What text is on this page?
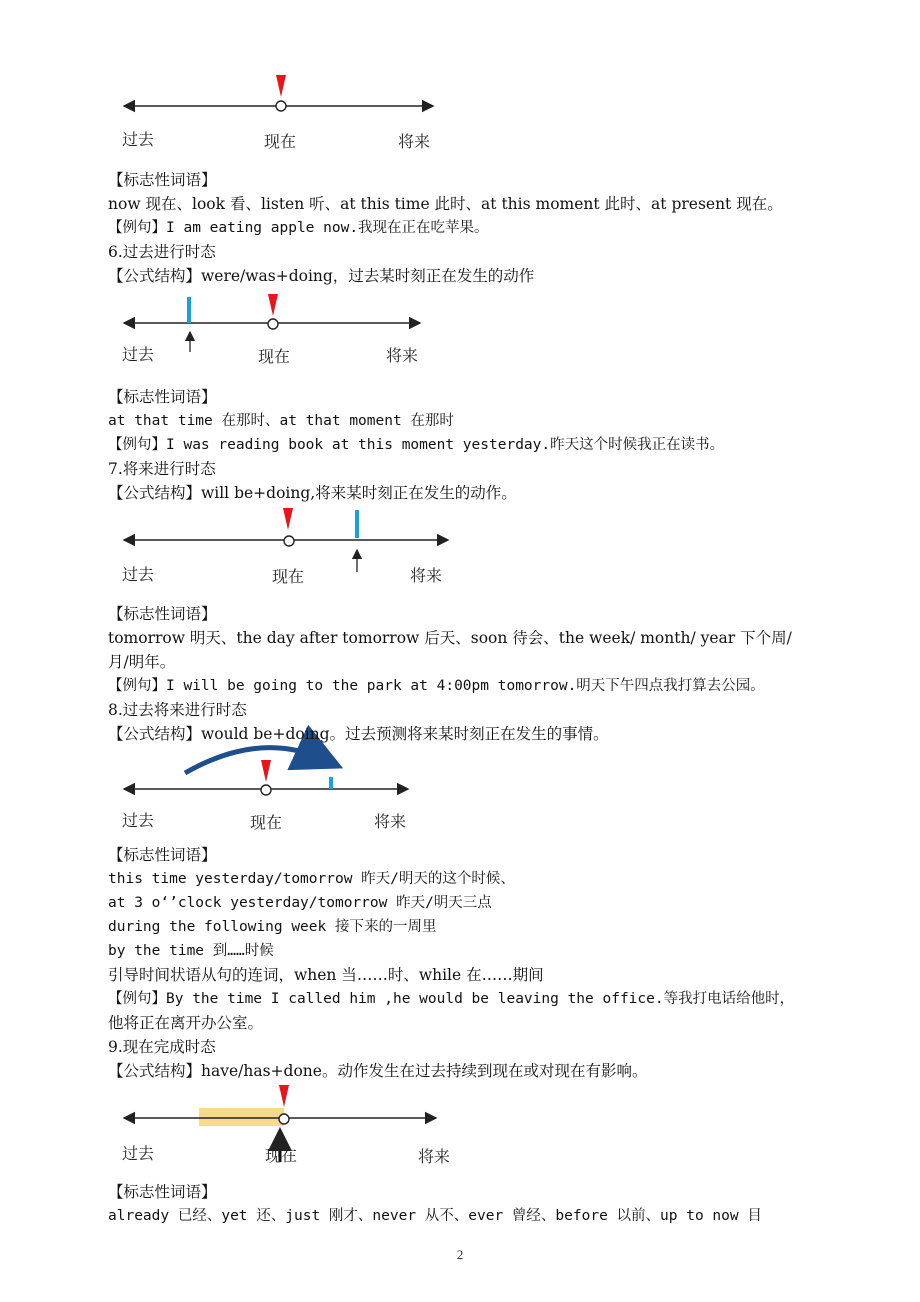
过去	现在	将来
过去	现在	将来
过去	现在	将来
过去	现在	将来
过去	现在	将来
【标志性词语】
now 现在、look 看、listen 听、at this time 此时、at this moment 此时、at present 现在。
【例句】I am eating apple now.我现在正在吃苹果。
6.过去进行时态
【公式结构】were/was+doing，过去某时刻正在发生的动作
【标志性词语】
at that time 在那时、at that moment 在那时
【例句】I was reading book at this moment yesterday.昨天这个时候我正在读书。
7.将来进行时态
【公式结构】will be+doing,将来某时刻正在发生的动作。
【标志性词语】
tomorrow 明天、the day after tomorrow 后天、soon 待会、the week/ month/ year 下个周/
月/明年。
【例句】I will be going to the park at 4:00pm tomorrow.明天下午四点我打算去公园。
8.过去将来进行时态
【公式结构】would be+doing。过去预测将来某时刻正在发生的事情。
【标志性词语】
this time yesterday/tomorrow 昨天/明天的这个时候、
at 3 o‘’clock yesterday/tomorrow 昨天/明天三点
during the following week 接下来的一周里
by the time 到……时候
引导时间状语从句的连词，when 当……时、while 在……期间
【例句】By the time I called him ,he would be leaving the office.等我打电话给他时，
他将正在离开办公室。
9.现在完成时态
【公式结构】have/has+done。动作发生在过去持续到现在或对现在有影响。
【标志性词语】
already 已经、yet 还、just 刚才、never 从不、ever 曾经、before 以前、up to now 目
2
